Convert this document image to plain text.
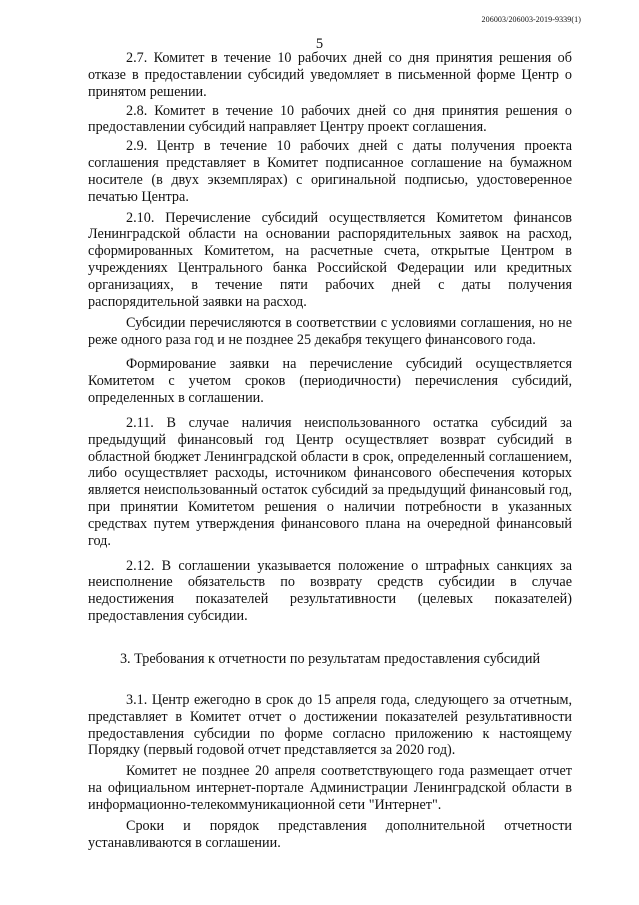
206003/206003-2019-9339(1)
5

2.7. Комитет в течение 10 рабочих дней со дня принятия решения об отказе в предоставлении субсидий уведомляет в письменной форме Центр о принятом решении.

2.8. Комитет в течение 10 рабочих дней со дня принятия решения о предоставлении субсидий направляет Центру проект соглашения.

2.9. Центр в течение 10 рабочих дней с даты получения проекта соглашения представляет в Комитет подписанное соглашение на бумажном носителе (в двух экземплярах) с оригинальной подписью, удостоверенное печатью Центра.

2.10. Перечисление субсидий осуществляется Комитетом финансов Ленинградской области на основании распорядительных заявок на расход, сформированных Комитетом, на расчетные счета, открытые Центром в учреждениях Центрального банка Российской Федерации или кредитных организациях, в течение пяти рабочих дней с даты получения распорядительной заявки на расход.

Субсидии перечисляются в соответствии с условиями соглашения, но не реже одного раза год и не позднее 25 декабря текущего финансового года.

Формирование заявки на перечисление субсидий осуществляется Комитетом с учетом сроков (периодичности) перечисления субсидий, определенных в соглашении.

2.11. В случае наличия неиспользованного остатка субсидий за предыдущий финансовый год Центр осуществляет возврат субсидий в областной бюджет Ленинградской области в срок, определенный соглашением, либо осуществляет расходы, источником финансового обеспечения которых является неиспользованный остаток субсидий за предыдущий финансовый год, при принятии Комитетом решения о наличии потребности в указанных средствах путем утверждения финансового плана на очередной финансовый год.

2.12. В соглашении указывается положение о штрафных санкциях за неисполнение обязательств по возврату средств субсидии в случае недостижения показателей результативности (целевых показателей) предоставления субсидии.

3. Требования к отчетности по результатам предоставления субсидий

3.1. Центр ежегодно в срок до 15 апреля года, следующего за отчетным, представляет в Комитет отчет о достижении показателей результативности предоставления субсидии по форме согласно приложению к настоящему Порядку (первый годовой отчет представляется за 2020 год).

Комитет не позднее 20 апреля соответствующего года размещает отчет на официальном интернет-портале Администрации Ленинградской области в информационно-телекоммуникационной сети "Интернет".

Сроки и порядок представления дополнительной отчетности устанавливаются в соглашении.
